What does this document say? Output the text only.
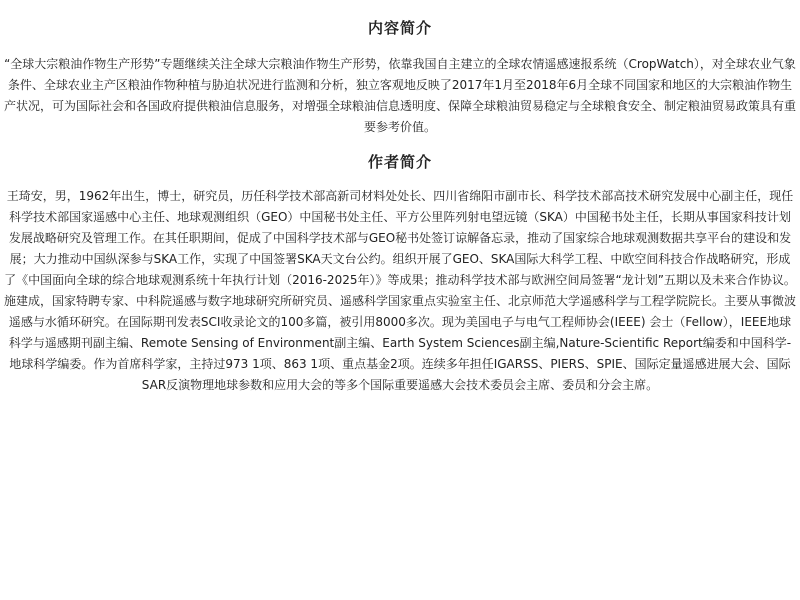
内容简介

“全球大宗粮油作物生产形势”专题继续关注全球大宗粮油作物生产形势，依靠我国自主建立的全球农情遥感速报系统（CropWatch），对全球农业气象条件、全球农业主产区粮油作物种植与胁迫状况进行监测和分析，独立客观地反映了2017年1月至2018年6月全球不同国家和地区的大宗粮油作物生产状况，可为国际社会和各国政府提供粮油信息服务，对增强全球粮油信息透明度、保障全球粮油贸易稳定与全球粮食安全、制定粮油贸易政策具有重要参考价值。

作者简介

王琦安，男，1962年出生，博士，研究员，历任科学技术部高新司材料处处长、四川省绵阳市副市长、科学技术部高技术研究发展中心副主任，现任科学技术部国家遥感中心主任、地球观测组织（GEO）中国秘书处主任、平方公里阵列射电望远镜（SKA）中国秘书处主任，长期从事国家科技计划发展战略研究及管理工作。在其任职期间，促成了中国科学技术部与GEO秘书处签订谅解备忘录，推动了国家综合地球观测数据共享平台的建设和发展；大力推动中国纵深参与SKA工作，实现了中国签署SKA天文台公约。组织开展了GEO、SKA国际大科学工程、中欧空间科技合作战略研究，形成了《中国面向全球的综合地球观测系统十年执行计划（2016-2025年）》等成果；推动科学技术部与欧洲空间局签署“龙计划”五期以及未来合作协议。

施建成，国家特聘专家、中科院遥感与数字地球研究所研究员、遥感科学国家重点实验室主任、北京师范大学遥感科学与工程学院院长。主要从事微波遥感与水循环研究。在国际期刊发表SCI收录论文的100多篇，被引用8000多次。现为美国电子与电气工程师协会(IEEE) 会士（Fellow），IEEE地球科学与遥感期刊副主编、Remote Sensing of Environment副主编、Earth System Sciences副主编,Nature-Scientific Report编委和中国科学-地球科学编委。作为首席科学家，主持过973 1项、863 1项、重点基金2项。连续多年担任IGARSS、PIERS、SPIE、国际定量遥感进展大会、国际SAR反演物理地球参数和应用大会的等多个国际重要遥感大会技术委员会主席、委员和分会主席。
